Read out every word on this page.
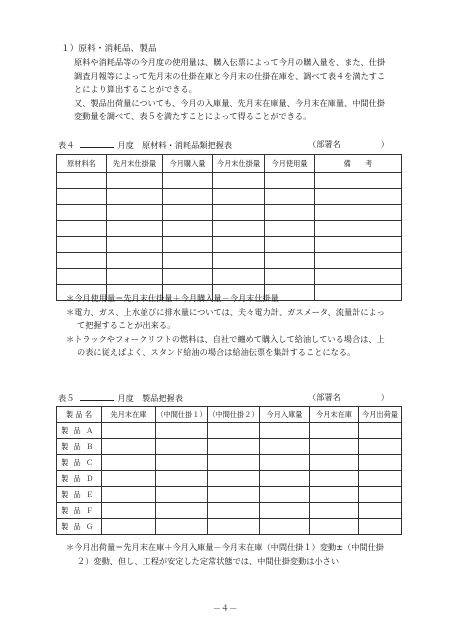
１）原料・消耗品、製品
原料や消耗品等の今月度の使用量は、購入伝票によって今月の購入量を、また、仕掛
調査月報等によって先月末の仕掛在庫と今月末の仕掛在庫を、調べて表４を満たすこ
とにより算出することができる。
又、製品出荷量についても、今月の入庫量、先月末在庫量、今月末在庫量、中間仕掛
変動量を調べて、表５を満たすことによって得ることができる。
表４	月度　 原材料・消耗品類把握表	（部署名	）
原材料名	先月末仕掛量	今月購入量	今月末仕掛量	今月使用量	備　　考

＊今月使用量＝先月末仕掛量＋今月購入量－今月末仕掛量
＊電力、ガス、上水並びに排水量については、夫々電力計、ガスメータ、流量計によっ
て把握することが出来る。
＊トラックやフォークリフトの燃料は、自社で纏めて購入して給油している場合は、上
の表に従えばよく、スタンド給油の場合は給油伝票を集計することになる。
表５	月度　 製品把握表	（部署名	）
製 品 名	先月末在庫	（中間仕掛１）	（中間仕掛２）	今月入庫量	今月末在庫	今月出荷量
製 品 Ａ						
製 品 Ｂ						
製 品 Ｃ						
製 品 Ｄ						
製 品 Ｅ						
製 品 Ｆ						
製 品 Ｇ						
＊今月出荷量＝先月末在庫＋今月入庫量－今月末在庫（中間仕掛１）変動±（中間仕掛
２）変動、但し、工程が安定した定常状態では、中間仕掛変動は小さい
－４－
